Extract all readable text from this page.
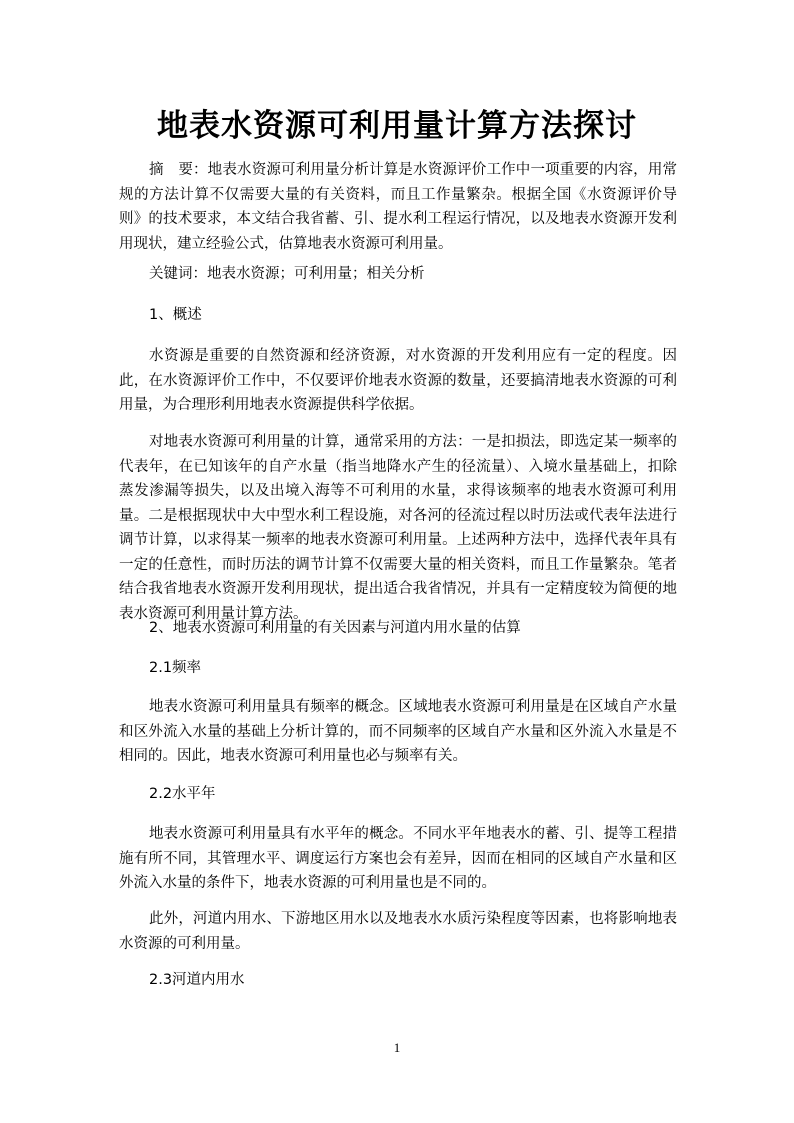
地表水资源可利用量计算方法探讨

摘　要：地表水资源可利用量分析计算是水资源评价工作中一项重要的内容，用常规的方法计算不仅需要大量的有关资料，而且工作量繁杂。根据全国《水资源评价导则》的技术要求，本文结合我省蓄、引、提水利工程运行情况，以及地表水资源开发利用现状，建立经验公式，估算地表水资源可利用量。

关键词：地表水资源；可利用量；相关分析

1、概述

水资源是重要的自然资源和经济资源，对水资源的开发利用应有一定的程度。因此，在水资源评价工作中，不仅要评价地表水资源的数量，还要搞清地表水资源的可利用量，为合理形利用地表水资源提供科学依据。

对地表水资源可利用量的计算，通常采用的方法：一是扣损法，即选定某一频率的代表年，在已知该年的自产水量（指当地降水产生的径流量）、入境水量基础上，扣除蒸发渗漏等损失，以及出境入海等不可利用的水量，求得该频率的地表水资源可利用量。二是根据现状中大中型水利工程设施，对各河的径流过程以时历法或代表年法进行调节计算，以求得某一频率的地表水资源可利用量。上述两种方法中，选择代表年具有一定的任意性，而时历法的调节计算不仅需要大量的相关资料，而且工作量繁杂。笔者结合我省地表水资源开发利用现状，提出适合我省情况，并具有一定精度较为简便的地表水资源可利用量计算方法。

2、地表水资源可利用量的有关因素与河道内用水量的估算

2.1频率

地表水资源可利用量具有频率的概念。区域地表水资源可利用量是在区域自产水量和区外流入水量的基础上分析计算的，而不同频率的区域自产水量和区外流入水量是不相同的。因此，地表水资源可利用量也必与频率有关。

2.2水平年

地表水资源可利用量具有水平年的概念。不同水平年地表水的蓄、引、提等工程措施有所不同，其管理水平、调度运行方案也会有差异，因而在相同的区域自产水量和区外流入水量的条件下，地表水资源的可利用量也是不同的。

此外，河道内用水、下游地区用水以及地表水水质污染程度等因素，也将影响地表水资源的可利用量。

2.3河道内用水

1
